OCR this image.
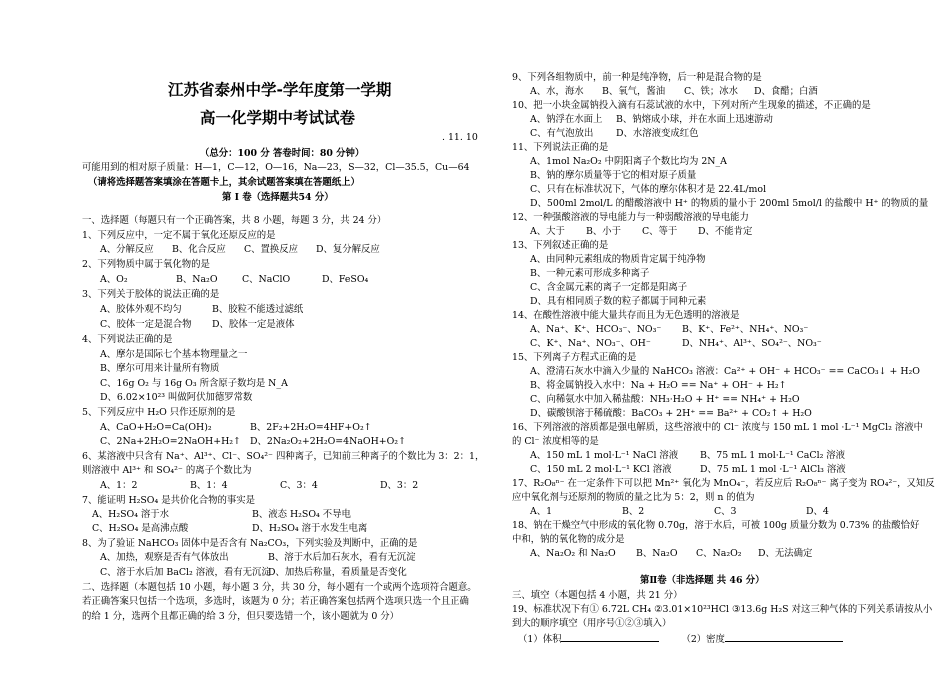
江苏省泰州中学-学年度第一学期
高一化学期中考试试卷
. 11. 10
（总分：100 分 答卷时间：80 分钟）
可能用到的相对原子质量：H—1，C—12，O—16，Na—23，S—32，Cl—35.5，Cu—64
（请将选择题答案填涂在答题卡上，其余试题答案填在答题纸上）
第 I 卷（选择题共54 分）
一、选择题（每题只有一个正确答案，共 8 小题，每题 3 分，共 24 分）
1、下列反应中，一定不属于氧化还原反应的是
A、分解反应 B、化合反应 C、置换反应 D、复分解反应
2、下列物质中属于氧化物的是
A、O₂	B、Na₂O	C、NaClO	D、FeSO₄
3、下列关于胶体的说法正确的是
A、胶体外观不均匀	B、胶粒不能透过滤纸
C、胶体一定是混合物 D、胶体一定是液体
4、下列说法正确的是
A、摩尔是国际七个基本物理量之一
B、摩尔可用来计量所有物质
C、16g O₂ 与 16g O₃ 所含原子数均是 N_A
D、6.02×10²³ 叫做阿伏加德罗常数
5、下列反应中 H₂O 只作还原剂的是
A、CaO+H₂O=Ca(OH)₂	B、2F₂+2H₂O=4HF+O₂↑
C、2Na+2H₂O=2NaOH+H₂↑ D、2Na₂O₂+2H₂O=4NaOH+O₂↑
6、某溶液中只含有 Na⁺、Al³⁺、Cl⁻、SO₄²⁻ 四种离子，已知前三种离子的个数比为 3：2：1，
则溶液中 Al³⁺ 和 SO₄²⁻ 的离子个数比为
A、1：2	B、1：4	C、3：4	D、3：2
7、能证明 H₂SO₄ 是共价化合物的事实是
A、H₂SO₄ 溶于水	B、液态 H₂SO₄ 不导电
C、H₂SO₄ 是高沸点酸	D、H₂SO₄ 溶于水发生电离
8、为了验证 NaHCO₃ 固体中是否含有 Na₂CO₃，下列实验及判断中，正确的是
A、加热，观察是否有气体放出	B、溶于水后加石灰水，看有无沉淀
C、溶于水后加 BaCl₂ 溶液，看有无沉淀D、加热后称量，看质量是否变化
二、选择题（本题包括 10 小题，每小题 3 分，共 30 分，每小题有一个或两个选项符合题意。
若正确答案只包括一个选项，多选时，该题为 0 分；若正确答案包括两个选项只选一个且正确
的给 1 分，选两个且都正确的给 3 分，但只要选错一个，该小题就为 0 分）
9、下列各组物质中，前一种是纯净物，后一种是混合物的是
A、水，海水 B、氧气，酱油 C、铁；冰水 D、食醋；白酒
10、把一小块金属钠投入滴有石蕊试液的水中，下列对所产生现象的描述，不正确的是
A、钠浮在水面上 B、钠熔成小球，并在水面上迅速游动
C、有气泡放出 D、水溶液变成红色
11、下列说法正确的是
A、1mol Na₂O₂ 中阴阳离子个数比均为 2N_A
B、钠的摩尔质量等于它的相对原子质量
C、只有在标准状况下，气体的摩尔体积才是 22.4L/mol
D、500ml 2mol/L 的醋酸溶液中 H⁺ 的物质的量小于 200ml 5mol/l 的盐酸中 H⁺ 的物质的量
12、一种强酸溶液的导电能力与一种弱酸溶液的导电能力
A、大于 B、小于 C、等于 D、不能肯定
13、下列叙述正确的是
A、由同种元素组成的物质肯定属于纯净物
B、一种元素可形成多种离子
C、含金属元素的离子一定都是阳离子
D、具有相同质子数的粒子都属于同种元素
14、在酸性溶液中能大量共存而且为无色透明的溶液是
A、Na⁺、K⁺、HCO₃⁻、NO₃⁻ B、K⁺、Fe²⁺、NH₄⁺、NO₃⁻
C、K⁺、Na⁺、NO₃⁻、OH⁻	D、NH₄⁺、Al³⁺、SO₄²⁻、NO₃⁻
15、下列离子方程式正确的是
A、澄清石灰水中滴入少量的 NaHCO₃ 溶液：Ca²⁺ + OH⁻ + HCO₃⁻ == CaCO₃↓ + H₂O
B、将金属钠投入水中：Na + H₂O == Na⁺ + OH⁻ + H₂↑
C、向稀氨水中加入稀盐酸：NH₃·H₂O + H⁺ == NH₄⁺ + H₂O
D、碳酸钡溶于稀硫酸：BaCO₃ + 2H⁺ == Ba²⁺ + CO₂↑ + H₂O
16、下列溶液的溶质都是强电解质，这些溶液中的 Cl⁻ 浓度与 150 mL 1 mol ·L⁻¹ MgCl₂ 溶液中
的 Cl⁻ 浓度相等的是
A、150 mL 1 mol·L⁻¹ NaCl 溶液 B、75 mL 1 mol·L⁻¹ CaCl₂ 溶液
C、150 mL 2 mol·L⁻¹ KCl 溶液	D、75 mL 1 mol ·L⁻¹ AlCl₃ 溶液
17、R₂O₈ⁿ⁻ 在一定条件下可以把 Mn²⁺ 氧化为 MnO₄⁻，若反应后 R₂O₈ⁿ⁻ 离子变为 RO₄²⁻，又知反
应中氧化剂与还原剂的物质的量之比为 5：2，则 n 的值为
A、1	B、2	C、3	D、4
18、钠在干燥空气中形成的氧化物 0.70g，溶于水后，可被 100g 质量分数为 0.73% 的盐酸恰好
中和，钠的氧化物的成分是
A、Na₂O₂ 和 Na₂O B、Na₂O C、Na₂O₂ D、无法确定
第Ⅱ卷（非选择题 共 46 分）
三、填空（本题包括 4 小题，共 21 分）
19、标准状况下有① 6.72L CH₄ ②3.01×10²³HCl ③13.6g H₂S 对这三种气体的下列关系请按从小
到大的顺序填空（用序号①②③填入）
（1）体积	（2）密度
